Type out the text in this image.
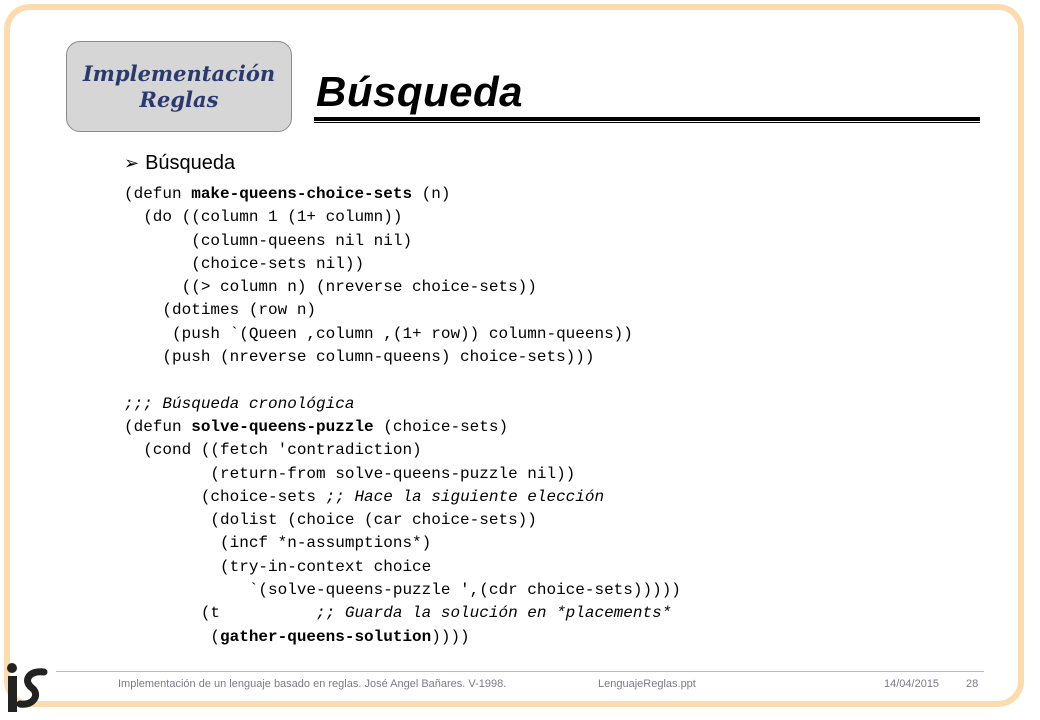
Implementación
Reglas Búsqueda
➢ Búsqueda
(defun make-queens-choice-sets (n)
(do ((column 1 (1+ column))
(column-queens nil nil)
(choice-sets nil))
((> column n) (nreverse choice-sets))
(dotimes (row n)
(push `(Queen ,column ,(1+ row)) column-queens))
(push (nreverse column-queens) choice-sets)))
;;; Búsqueda cronológica
(defun solve-queens-puzzle (choice-sets)
(cond ((fetch 'contradiction)
(return-from solve-queens-puzzle nil))
(choice-sets ;; Hace la siguiente elección
(dolist (choice (car choice-sets))
(incf *n-assumptions*)
(try-in-context choice
`(solve-queens-puzzle ',(cdr choice-sets)))))
(t          ;; Guarda la solución en *placements*
(gather-queens-solution))))
Implementación de un lenguaje basado en reglas. José Angel Bañares. V-1998.	LenguajeReglas.ppt	14/04/2015 28
